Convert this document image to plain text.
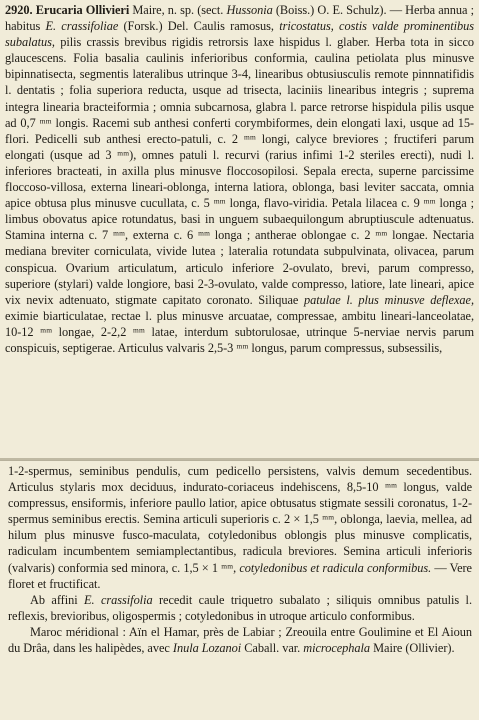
2920. Erucaria Ollivieri Maire, n. sp. (sect. Hussonia (Boiss.) O. E. Schulz). — Herba annua ; habitus E. crassifoliae (Forsk.) Del. Caulis ramosus, tricostatus, costis valde prominentibus subalatus, pilis crassis brevibus rigidis retrorsis laxe hispidus l. glaber. Herba tota in sicco glaucescens. Folia basalia caulinis inferioribus conformia, caulina petiolata plus minusve bipinnatisecta, segmentis lateralibus utrinque 3-4, linearibus obtusiusculis remote pinnnatifidis l. dentatis ; folia superiora reducta, usque ad trisecta, laciniis linearibus integris ; suprema integra linearia bracteiformia ; omnia subcarnosa, glabra l. parce retrorse hispidula pilis usque ad 0,7 ᵐᵐ longis. Racemi sub anthesi conferti corymbiformes, dein elongati laxi, usque ad 15-flori. Pedicelli sub anthesi erecto-patuli, c. 2 ᵐᵐ longi, calyce breviores ; fructiferi parum elongati (usque ad 3 ᵐᵐ), omnes patuli l. recurvi (rarius infimi 1-2 steriles erecti), nudi l. inferiores bracteati, in axilla plus minusve floccosopilosi. Sepala erecta, superne parcissime floccoso-villosa, externa lineari-oblonga, interna latiora, oblonga, basi leviter saccata, omnia apice obtusa plus minusve cucullata, c. 5 ᵐᵐ longa, flavo-viridia. Petala lilacea c. 9 ᵐᵐ longa ; limbus obovatus apice rotundatus, basi in unguem subaequilongum abruptiuscule adtenuatus. Stamina interna c. 7 ᵐᵐ, externa c. 6 ᵐᵐ longa ; antherae oblongae c. 2 ᵐᵐ longae. Nectaria mediana breviter corniculata, vivide lutea ; lateralia rotundata subpulvinata, olivacea, parum conspicua. Ovarium articulatum, articulo inferiore 2-ovulato, brevi, parum compresso, superiore (stylari) valde longiore, basi 2-3-ovulato, valde compresso, latiore, late lineari, apice vix nevix adtenuato, stigmate capitato coronato. Siliquae patulae l. plus minusve deflexae, eximie biarticulatae, rectae l. plus minusve arcuatae, compressae, ambitu lineari-lanceolatae, 10-12 ᵐᵐ longae, 2-2,2 ᵐᵐ latae, interdum subtorulosae, utrinque 5-nerviae nervis parum conspicuis, septigerae. Articulus valvaris 2,5-3 ᵐᵐ longus, parum compressus, subsessilis,

1-2-spermus, seminibus pendulis, cum pedicello persistens, valvis demum secedentibus. Articulus stylaris mox deciduus, indurato-coriaceus indehiscens, 8,5-10 ᵐᵐ longus, valde compressus, ensiformis, inferiore paullo latior, apice obtusatus stigmate sessili coronatus, 1-2-spermus seminibus erectis. Semina articuli superioris c. 2 × 1,5 ᵐᵐ, oblonga, laevia, mellea, ad hilum plus minusve fusco-maculata, cotyledonibus oblongis plus minusve complicatis, radiculam incumbentem semiamplectantibus, radicula breviores. Semina articuli inferioris (valvaris) conformia sed minora, c. 1,5 × 1 ᵐᵐ, cotyledonibus et radicula conformibus. — Vere floret et fructificat.

Ab affini E. crassifolia recedit caule triquetro subalato ; siliquis omnibus patulis l. reflexis, brevioribus, oligospermis ; cotyledonibus in utroque articulo conformibus.

Maroc méridional : Aïn el Hamar, près de Labiar ; Zreouila entre Goulimine et El Aioun du Drâa, dans les halipèdes, avec Inula Lozanoi Caball. var. microcephala Maire (Ollivier).
